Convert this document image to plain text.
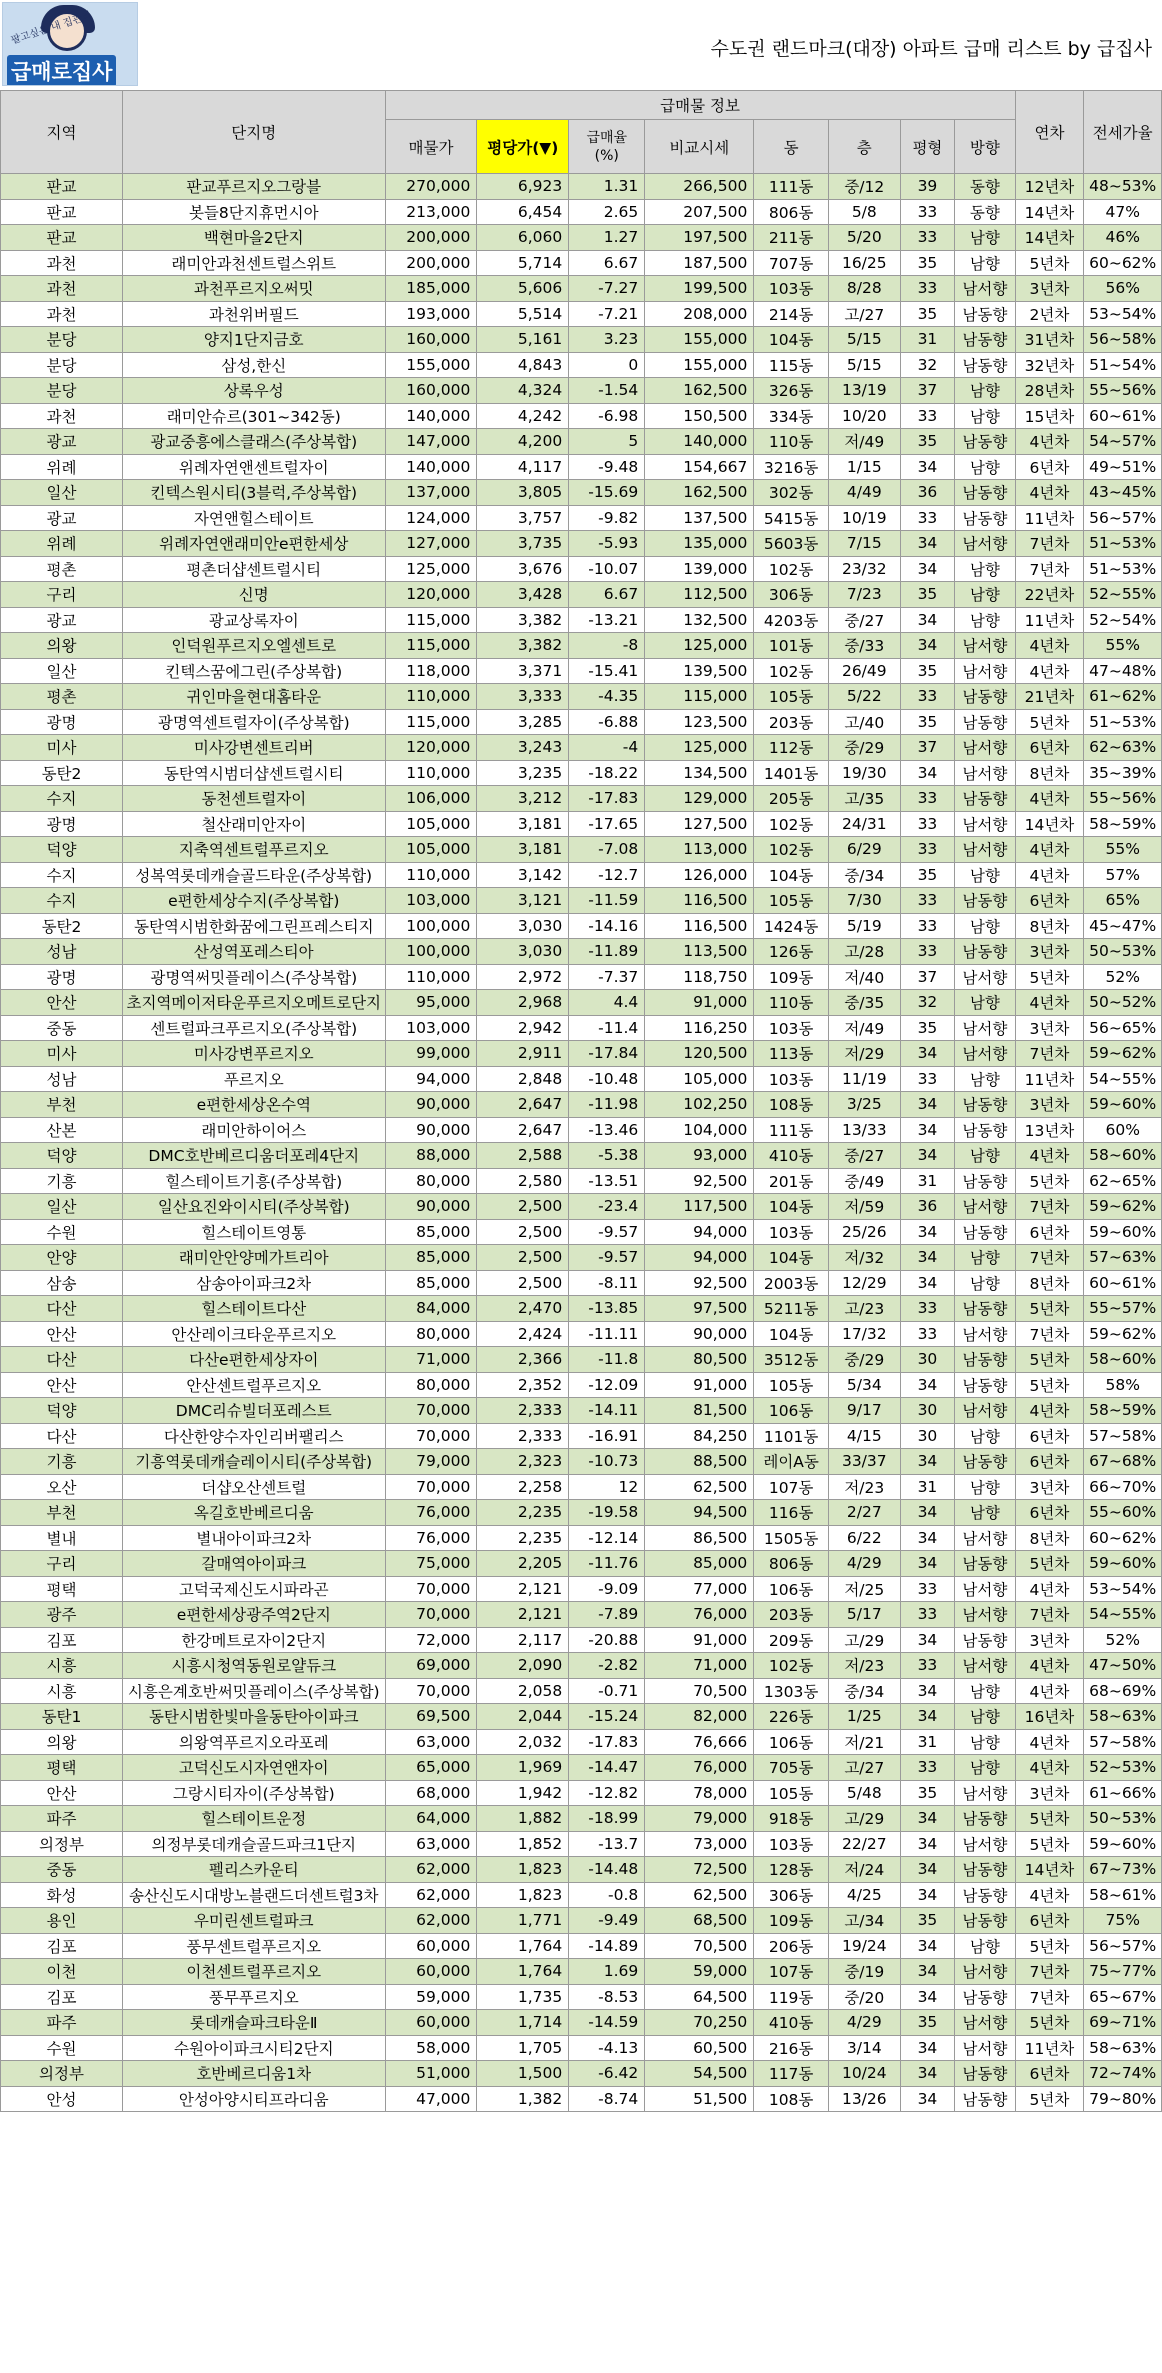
팔고싶은 내 집관리
급매로집사
수도권 랜드마크(대장) 아파트 급매 리스트 by 급집사
지역	단지명	급매물 정보								연차	전세가율
		매물가	평당가(▼)	급매율
(%)	비교시세	동	층	평형	방향		
판교	판교푸르지오그랑블	270,000	6,923	1.31	266,500	111동	중/12	39	동향	12년차	48~53%
판교	봇들8단지휴먼시아	213,000	6,454	2.65	207,500	806동	5/8	33	동향	14년차	47%
판교	백현마을2단지	200,000	6,060	1.27	197,500	211동	5/20	33	남향	14년차	46%
과천	래미안과천센트럴스위트	200,000	5,714	6.67	187,500	707동	16/25	35	남향	5년차	60~62%
과천	과천푸르지오써밋	185,000	5,606	-7.27	199,500	103동	8/28	33	남서향	3년차	56%
과천	과천위버필드	193,000	5,514	-7.21	208,000	214동	고/27	35	남동향	2년차	53~54%
분당	양지1단지금호	160,000	5,161	3.23	155,000	104동	5/15	31	남동향	31년차	56~58%
분당	삼성,한신	155,000	4,843	0	155,000	115동	5/15	32	남동향	32년차	51~54%
분당	상록우성	160,000	4,324	-1.54	162,500	326동	13/19	37	남향	28년차	55~56%
과천	래미안슈르(301~342동)	140,000	4,242	-6.98	150,500	334동	10/20	33	남향	15년차	60~61%
광교	광교중흥에스클래스(주상복합)	147,000	4,200	5	140,000	110동	저/49	35	남동향	4년차	54~57%
위례	위례자연앤센트럴자이	140,000	4,117	-9.48	154,667	3216동	1/15	34	남향	6년차	49~51%
일산	킨텍스원시티(3블럭,주상복합)	137,000	3,805	-15.69	162,500	302동	4/49	36	남동향	4년차	43~45%
광교	자연앤힐스테이트	124,000	3,757	-9.82	137,500	5415동	10/19	33	남동향	11년차	56~57%
위례	위례자연앤래미안e편한세상	127,000	3,735	-5.93	135,000	5603동	7/15	34	남서향	7년차	51~53%
평촌	평촌더샵센트럴시티	125,000	3,676	-10.07	139,000	102동	23/32	34	남향	7년차	51~53%
구리	신명	120,000	3,428	6.67	112,500	306동	7/23	35	남향	22년차	52~55%
광교	광교상록자이	115,000	3,382	-13.21	132,500	4203동	중/27	34	남향	11년차	52~54%
의왕	인덕원푸르지오엘센트로	115,000	3,382	-8	125,000	101동	중/33	34	남서향	4년차	55%
일산	킨텍스꿈에그린(주상복합)	118,000	3,371	-15.41	139,500	102동	26/49	35	남서향	4년차	47~48%
평촌	귀인마을현대홈타운	110,000	3,333	-4.35	115,000	105동	5/22	33	남동향	21년차	61~62%
광명	광명역센트럴자이(주상복합)	115,000	3,285	-6.88	123,500	203동	고/40	35	남동향	5년차	51~53%
미사	미사강변센트리버	120,000	3,243	-4	125,000	112동	중/29	37	남서향	6년차	62~63%
동탄2	동탄역시범더샵센트럴시티	110,000	3,235	-18.22	134,500	1401동	19/30	34	남서향	8년차	35~39%
수지	동천센트럴자이	106,000	3,212	-17.83	129,000	205동	고/35	33	남동향	4년차	55~56%
광명	철산래미안자이	105,000	3,181	-17.65	127,500	102동	24/31	33	남서향	14년차	58~59%
덕양	지축역센트럴푸르지오	105,000	3,181	-7.08	113,000	102동	6/29	33	남서향	4년차	55%
수지	성복역롯데캐슬골드타운(주상복합)	110,000	3,142	-12.7	126,000	104동	중/34	35	남향	4년차	57%
수지	e편한세상수지(주상복합)	103,000	3,121	-11.59	116,500	105동	7/30	33	남동향	6년차	65%
동탄2	동탄역시범한화꿈에그린프레스티지	100,000	3,030	-14.16	116,500	1424동	5/19	33	남향	8년차	45~47%
성남	산성역포레스티아	100,000	3,030	-11.89	113,500	126동	고/28	33	남동향	3년차	50~53%
광명	광명역써밋플레이스(주상복합)	110,000	2,972	-7.37	118,750	109동	저/40	37	남서향	5년차	52%
안산	초지역메이저타운푸르지오메트로단지	95,000	2,968	4.4	91,000	110동	중/35	32	남향	4년차	50~52%
중동	센트럴파크푸르지오(주상복합)	103,000	2,942	-11.4	116,250	103동	저/49	35	남서향	3년차	56~65%
미사	미사강변푸르지오	99,000	2,911	-17.84	120,500	113동	저/29	34	남서향	7년차	59~62%
성남	푸르지오	94,000	2,848	-10.48	105,000	103동	11/19	33	남향	11년차	54~55%
부천	e편한세상온수역	90,000	2,647	-11.98	102,250	108동	3/25	34	남동향	3년차	59~60%
산본	래미안하이어스	90,000	2,647	-13.46	104,000	111동	13/33	34	남동향	13년차	60%
덕양	DMC호반베르디움더포레4단지	88,000	2,588	-5.38	93,000	410동	중/27	34	남향	4년차	58~60%
기흥	힐스테이트기흥(주상복합)	80,000	2,580	-13.51	92,500	201동	중/49	31	남동향	5년차	62~65%
일산	일산요진와이시티(주상복합)	90,000	2,500	-23.4	117,500	104동	저/59	36	남서향	7년차	59~62%
수원	힐스테이트영통	85,000	2,500	-9.57	94,000	103동	25/26	34	남동향	6년차	59~60%
안양	래미안안양메가트리아	85,000	2,500	-9.57	94,000	104동	저/32	34	남향	7년차	57~63%
삼송	삼송아이파크2차	85,000	2,500	-8.11	92,500	2003동	12/29	34	남향	8년차	60~61%
다산	힐스테이트다산	84,000	2,470	-13.85	97,500	5211동	고/23	33	남동향	5년차	55~57%
안산	안산레이크타운푸르지오	80,000	2,424	-11.11	90,000	104동	17/32	33	남서향	7년차	59~62%
다산	다산e편한세상자이	71,000	2,366	-11.8	80,500	3512동	중/29	30	남동향	5년차	58~60%
안산	안산센트럴푸르지오	80,000	2,352	-12.09	91,000	105동	5/34	34	남동향	5년차	58%
덕양	DMC리슈빌더포레스트	70,000	2,333	-14.11	81,500	106동	9/17	30	남서향	4년차	58~59%
다산	다산한양수자인리버팰리스	70,000	2,333	-16.91	84,250	1101동	4/15	30	남향	6년차	57~58%
기흥	기흥역롯데캐슬레이시티(주상복합)	79,000	2,323	-10.73	88,500	레이A동	33/37	34	남동향	6년차	67~68%
오산	더샵오산센트럴	70,000	2,258	12	62,500	107동	저/23	31	남향	3년차	66~70%
부천	옥길호반베르디움	76,000	2,235	-19.58	94,500	116동	2/27	34	남향	6년차	55~60%
별내	별내아이파크2차	76,000	2,235	-12.14	86,500	1505동	6/22	34	남서향	8년차	60~62%
구리	갈매역아이파크	75,000	2,205	-11.76	85,000	806동	4/29	34	남동향	5년차	59~60%
평택	고덕국제신도시파라곤	70,000	2,121	-9.09	77,000	106동	저/25	33	남서향	4년차	53~54%
광주	e편한세상광주역2단지	70,000	2,121	-7.89	76,000	203동	5/17	33	남서향	7년차	54~55%
김포	한강메트로자이2단지	72,000	2,117	-20.88	91,000	209동	고/29	34	남동향	3년차	52%
시흥	시흥시청역동원로얄듀크	69,000	2,090	-2.82	71,000	102동	저/23	33	남서향	4년차	47~50%
시흥	시흥은계호반써밋플레이스(주상복합)	70,000	2,058	-0.71	70,500	1303동	중/34	34	남향	4년차	68~69%
동탄1	동탄시범한빛마을동탄아이파크	69,500	2,044	-15.24	82,000	226동	1/25	34	남향	16년차	58~63%
의왕	의왕역푸르지오라포레	63,000	2,032	-17.83	76,666	106동	저/21	31	남향	4년차	57~58%
평택	고덕신도시자연앤자이	65,000	1,969	-14.47	76,000	705동	고/27	33	남향	4년차	52~53%
안산	그랑시티자이(주상복합)	68,000	1,942	-12.82	78,000	105동	5/48	35	남서향	3년차	61~66%
파주	힐스테이트운정	64,000	1,882	-18.99	79,000	918동	고/29	34	남동향	5년차	50~53%
의정부	의정부롯데캐슬골드파크1단지	63,000	1,852	-13.7	73,000	103동	22/27	34	남서향	5년차	59~60%
중동	펠리스카운티	62,000	1,823	-14.48	72,500	128동	저/24	34	남동향	14년차	67~73%
화성	송산신도시대방노블랜드더센트럴3차	62,000	1,823	-0.8	62,500	306동	4/25	34	남동향	4년차	58~61%
용인	우미린센트럴파크	62,000	1,771	-9.49	68,500	109동	고/34	35	남동향	6년차	75%
김포	풍무센트럴푸르지오	60,000	1,764	-14.89	70,500	206동	19/24	34	남향	5년차	56~57%
이천	이천센트럴푸르지오	60,000	1,764	1.69	59,000	107동	중/19	34	남서향	7년차	75~77%
김포	풍무푸르지오	59,000	1,735	-8.53	64,500	119동	중/20	34	남동향	7년차	65~67%
파주	롯데캐슬파크타운Ⅱ	60,000	1,714	-14.59	70,250	410동	4/29	35	남서향	5년차	69~71%
수원	수원아이파크시티2단지	58,000	1,705	-4.13	60,500	216동	3/14	34	남서향	11년차	58~63%
의정부	호반베르디움1차	51,000	1,500	-6.42	54,500	117동	10/24	34	남동향	6년차	72~74%
안성	안성아양시티프라디움	47,000	1,382	-8.74	51,500	108동	13/26	34	남동향	5년차	79~80%
